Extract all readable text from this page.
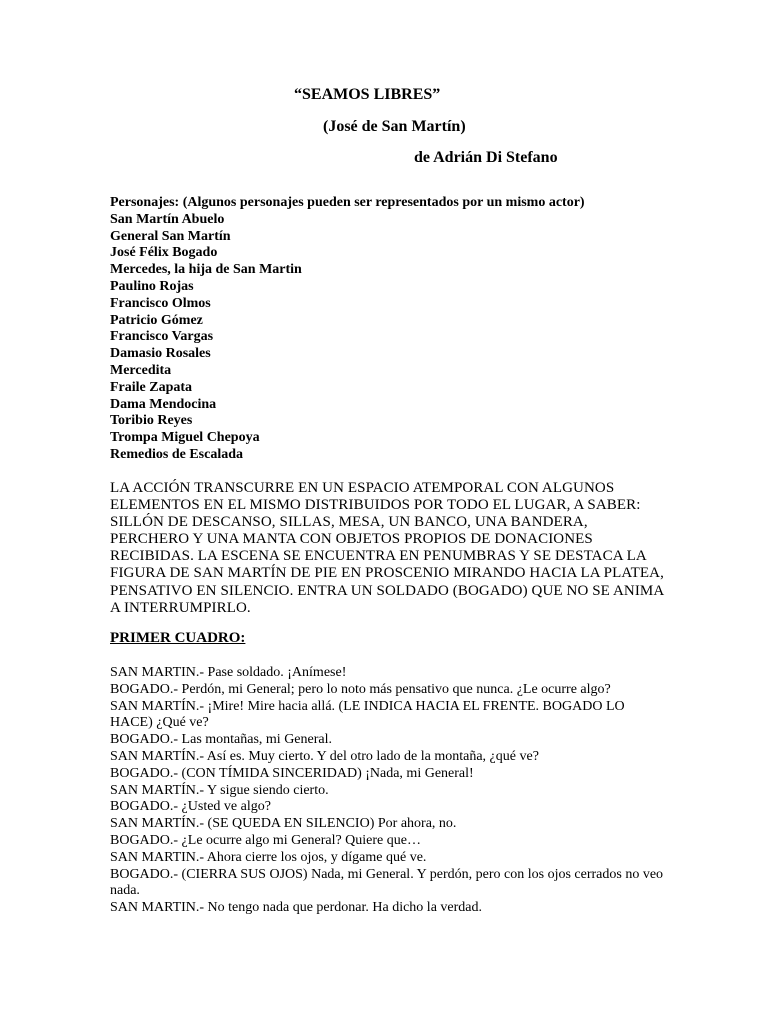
“SEAMOS LIBRES”
(José de San Martín)
de Adrián Di Stefano
Personajes: (Algunos personajes pueden ser representados por un mismo actor)
San Martín Abuelo
General San Martín
José Félix Bogado
Mercedes, la hija de San Martin
Paulino Rojas
Francisco Olmos
Patricio Gómez
Francisco Vargas
Damasio Rosales
Mercedita
Fraile Zapata
Dama Mendocina
Toribio Reyes
Trompa Miguel Chepoya
Remedios de Escalada

LA ACCIÓN TRANSCURRE EN UN ESPACIO ATEMPORAL CON ALGUNOS ELEMENTOS EN EL MISMO DISTRIBUIDOS POR TODO EL LUGAR, A SABER: SILLÓN DE DESCANSO, SILLAS, MESA, UN BANCO, UNA BANDERA, PERCHERO Y UNA MANTA CON OBJETOS PROPIOS DE DONACIONES RECIBIDAS. LA ESCENA SE ENCUENTRA EN PENUMBRAS Y SE DESTACA LA FIGURA DE SAN MARTÍN DE PIE EN PROSCENIO MIRANDO HACIA LA PLATEA, PENSATIVO EN SILENCIO. ENTRA UN SOLDADO (BOGADO) QUE NO SE ANIMA A INTERRUMPIRLO.

PRIMER CUADRO:

SAN MARTIN.- Pase soldado. ¡Anímese!
BOGADO.- Perdón, mi General; pero lo noto más pensativo que nunca. ¿Le ocurre algo?
SAN MARTÍN.- ¡Mire! Mire hacia allá. (LE INDICA HACIA EL FRENTE. BOGADO LO HACE) ¿Qué ve?
BOGADO.- Las montañas, mi General.
SAN MARTÍN.- Así es. Muy cierto. Y del otro lado de la montaña, ¿qué ve?
BOGADO.- (CON TÍMIDA SINCERIDAD) ¡Nada, mi General!
SAN MARTÍN.- Y sigue siendo cierto.
BOGADO.- ¿Usted ve algo?
SAN MARTÍN.- (SE QUEDA EN SILENCIO) Por ahora, no.
BOGADO.- ¿Le ocurre algo mi General? Quiere que…
SAN MARTIN.- Ahora cierre los ojos, y dígame qué ve.
BOGADO.- (CIERRA SUS OJOS) Nada, mi General. Y perdón, pero con los ojos cerrados no veo nada.
SAN MARTIN.- No tengo nada que perdonar. Ha dicho la verdad.
